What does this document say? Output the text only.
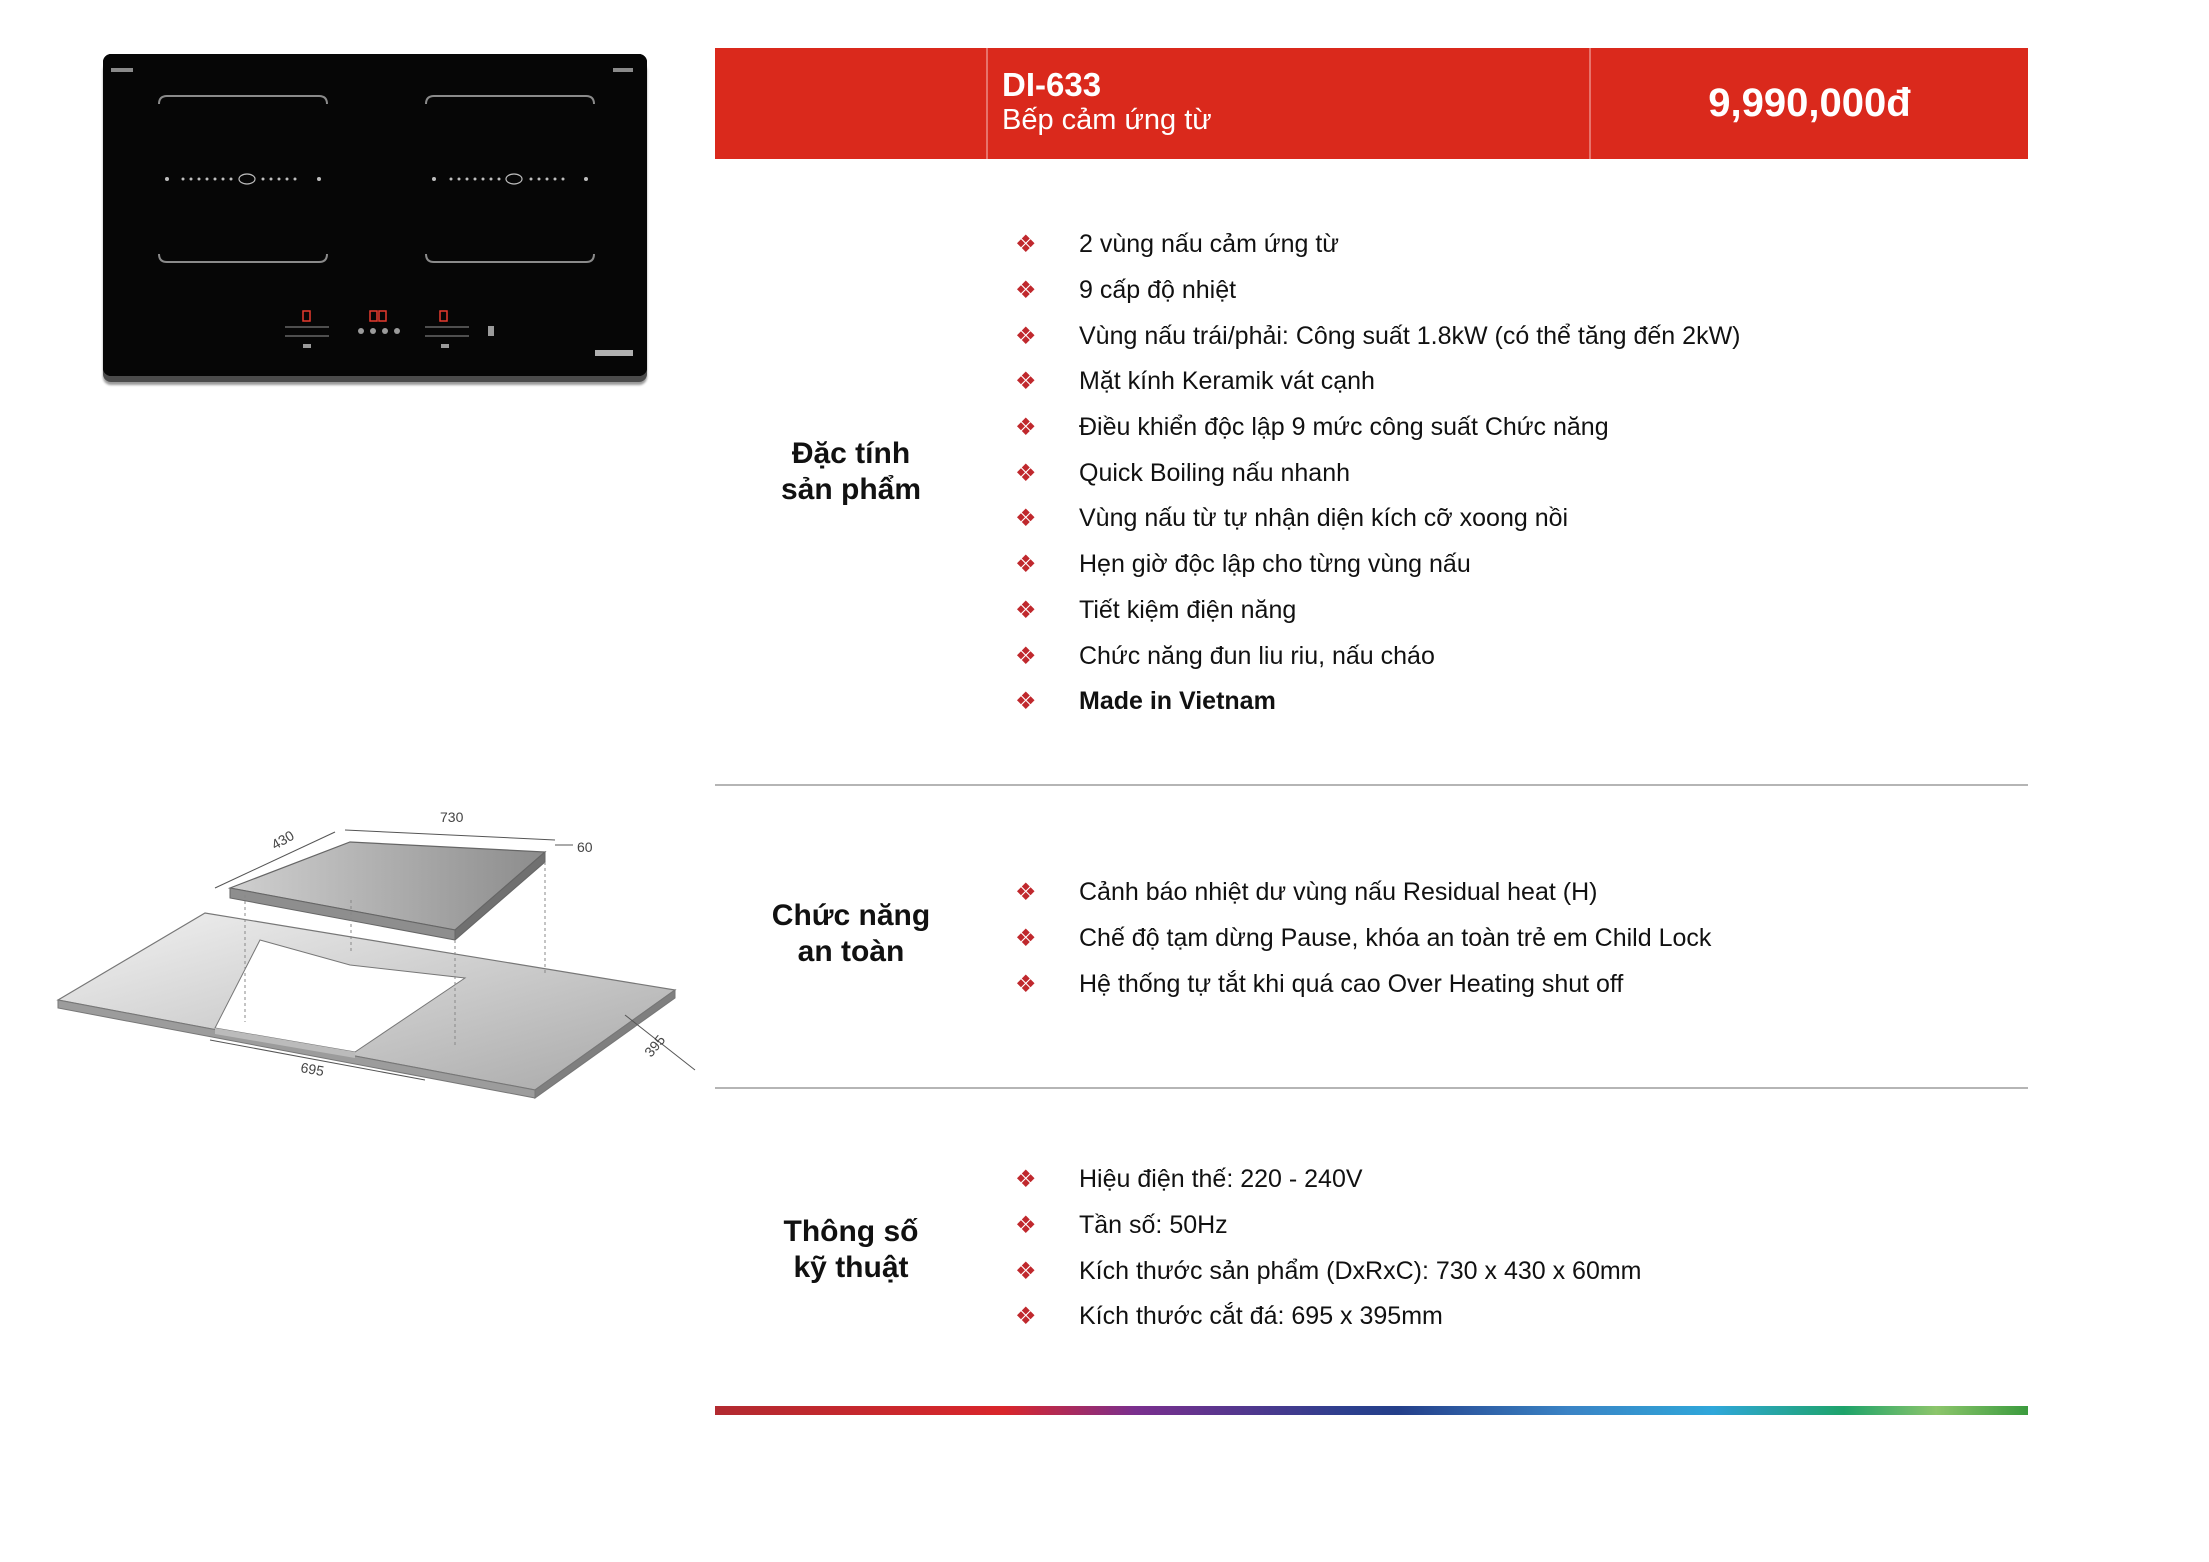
DI-633
Bếp cảm ứng từ	9,990,000đ
Đặc tính
sản phẩm
❖	2 vùng nấu cảm ứng từ
❖	9 cấp độ nhiệt
❖	Vùng nấu trái/phải: Công suất 1.8kW (có thể tăng đến 2kW)
❖	Mặt kính Keramik vát cạnh
❖	Điều khiển độc lập 9 mức công suất Chức năng
❖	Quick Boiling nấu nhanh
❖	Vùng nấu từ tự nhận diện kích cỡ xoong nồi
❖	Hẹn giờ độc lập cho từng vùng nấu
❖	Tiết kiệm điện năng
❖	Chức năng đun liu riu, nấu cháo
❖	Made in Vietnam
730
430	60
695
395
Chức năng
an toàn
❖	Cảnh báo nhiệt dư vùng nấu Residual heat (H)
❖	Chế độ tạm dừng Pause, khóa an toàn trẻ em Child Lock
❖	Hệ thống tự tắt khi quá cao Over Heating shut off
Thông số
kỹ thuật
❖	Hiệu điện thế: 220 - 240V
❖	Tần số: 50Hz
❖	Kích thước sản phẩm (DxRxC): 730 x 430 x 60mm
❖	Kích thước cắt đá: 695 x 395mm
